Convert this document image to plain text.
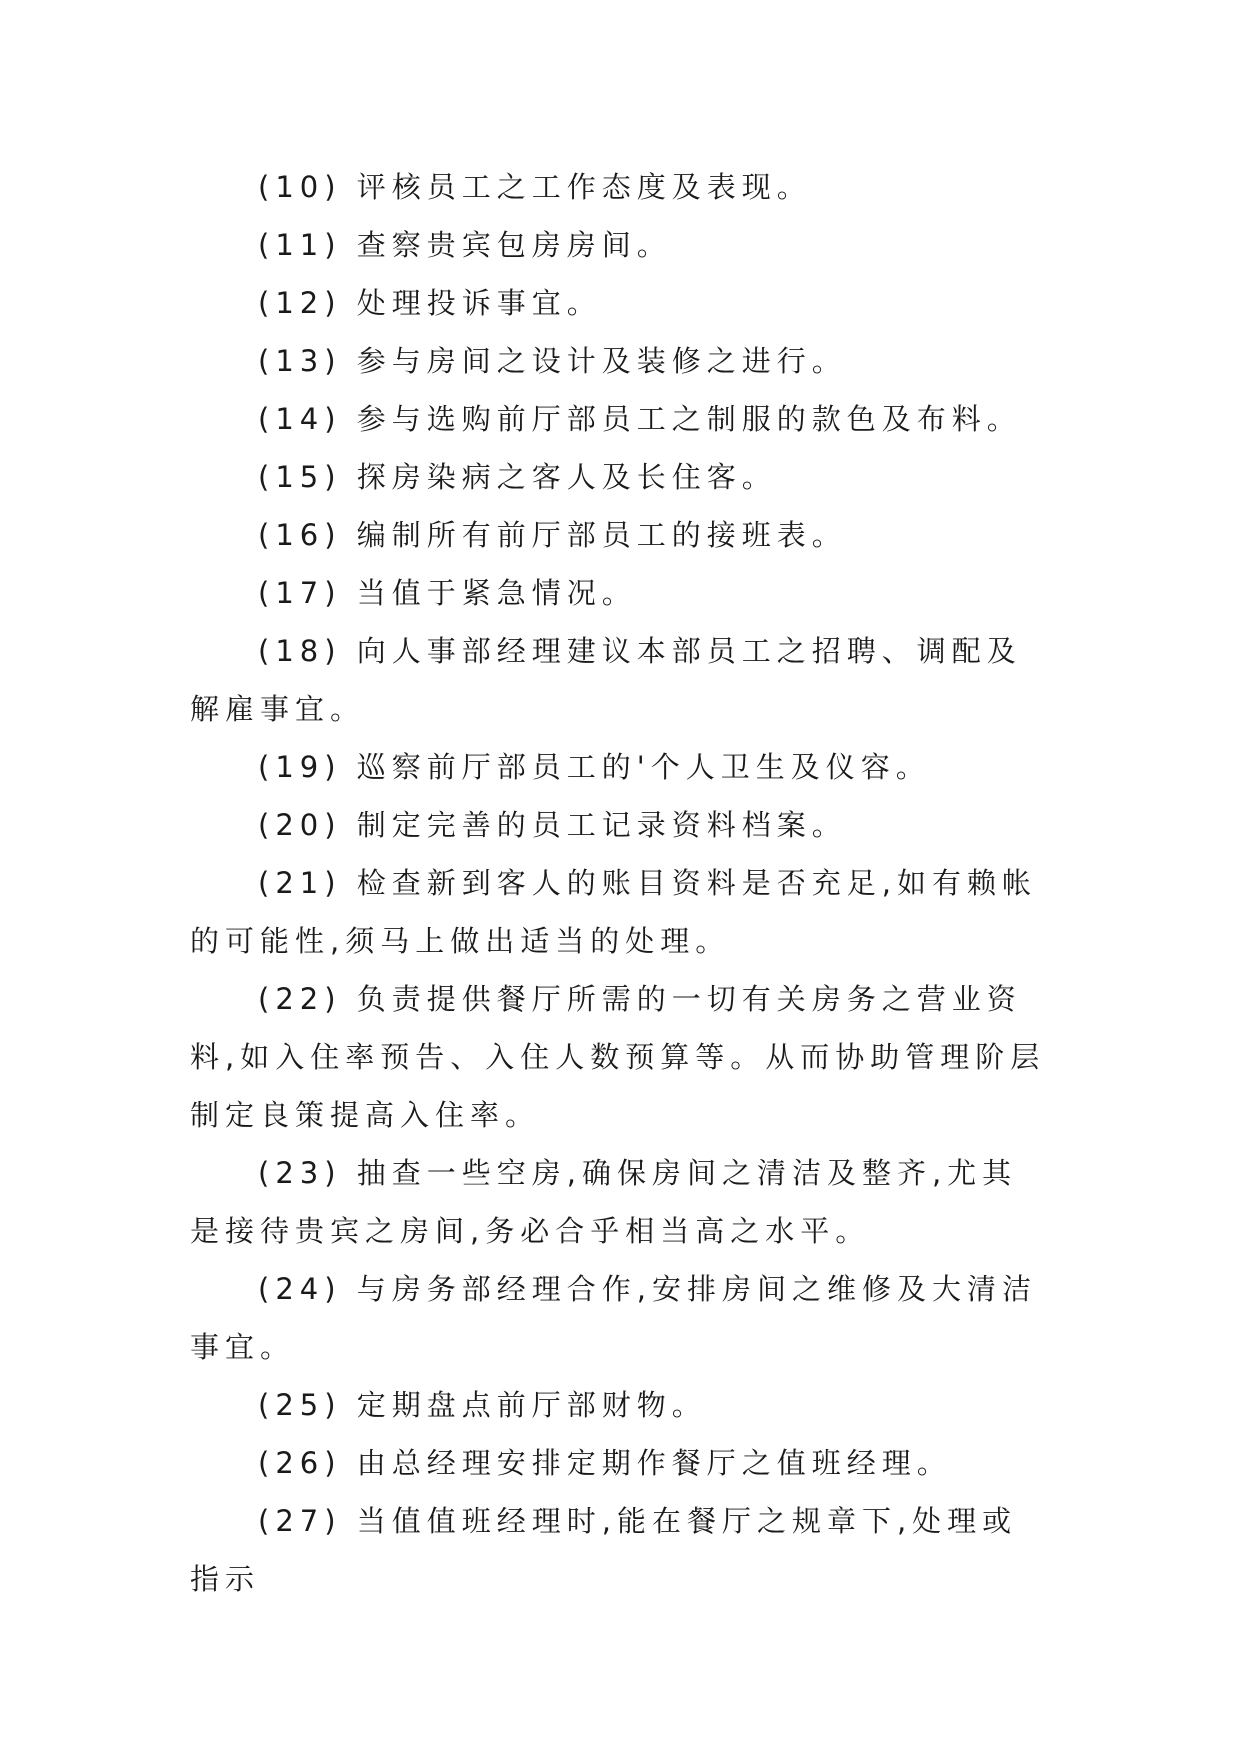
(10) 评核员工之工作态度及表现。

(11) 查察贵宾包房房间。

(12) 处理投诉事宜。

(13) 参与房间之设计及装修之进行。

(14) 参与选购前厅部员工之制服的款色及布料。

(15) 探房染病之客人及长住客。

(16) 编制所有前厅部员工的接班表。

(17) 当值于紧急情况。

(18) 向人事部经理建议本部员工之招聘、调配及解雇事宜。

(19) 巡察前厅部员工的'个人卫生及仪容。

(20) 制定完善的员工记录资料档案。

(21) 检查新到客人的账目资料是否充足,如有赖帐的可能性,须马上做出适当的处理。

(22) 负责提供餐厅所需的一切有关房务之营业资料,如入住率预告、入住人数预算等。从而协助管理阶层制定良策提高入住率。

(23) 抽查一些空房,确保房间之清洁及整齐,尤其是接待贵宾之房间,务必合乎相当高之水平。

(24) 与房务部经理合作,安排房间之维修及大清洁事宜。

(25) 定期盘点前厅部财物。

(26) 由总经理安排定期作餐厅之值班经理。

(27) 当值值班经理时,能在餐厅之规章下,处理或指示
